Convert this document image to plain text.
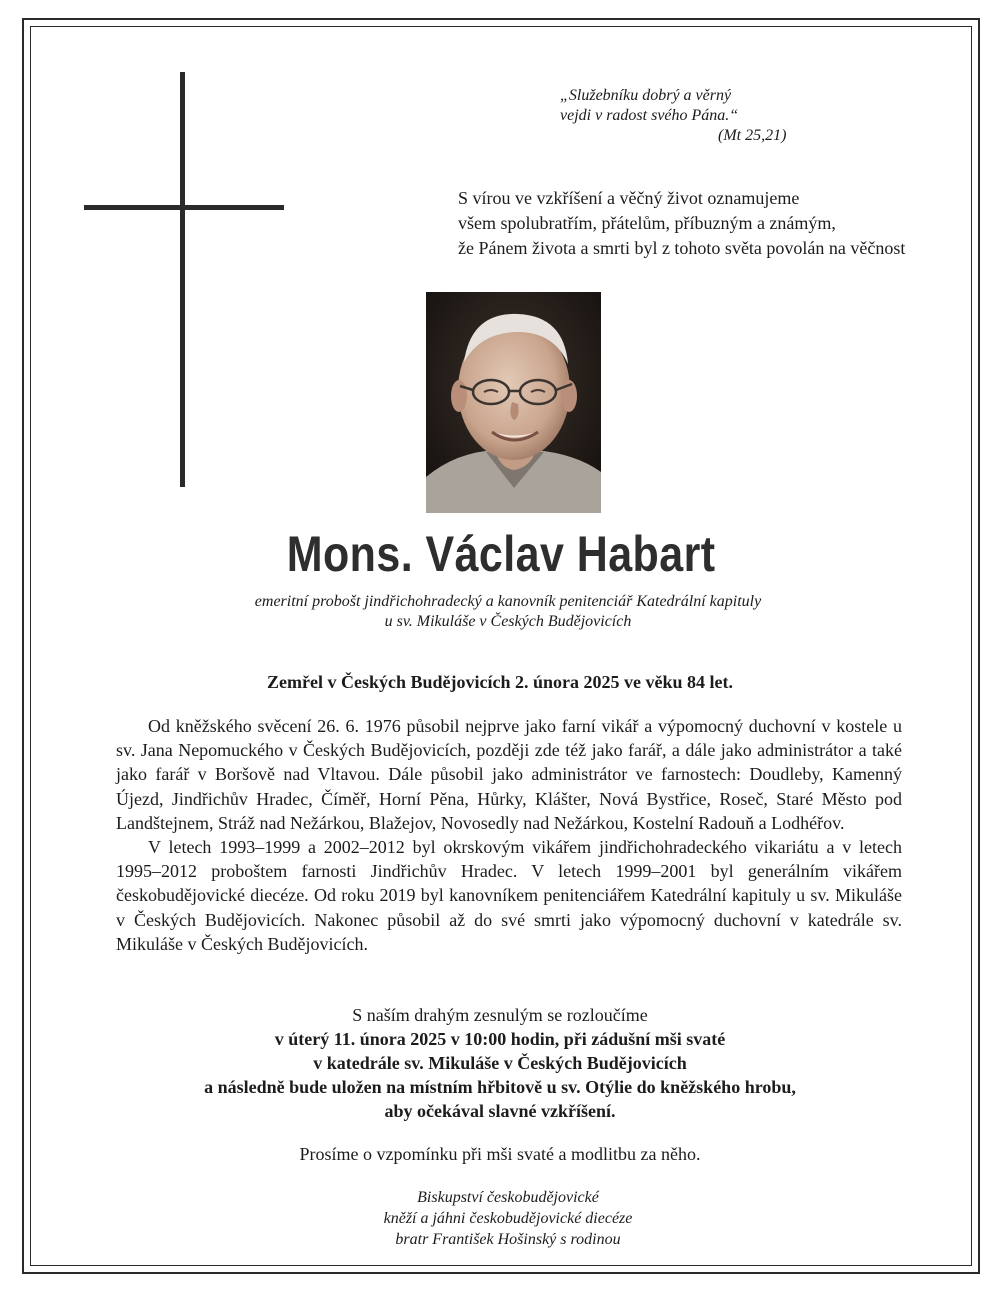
„Služebníku dobrý a věrný
vejdi v radost svého Pána.“
(Mt 25,21)
S vírou ve vzkříšení a věčný život oznamujeme
všem spolubratřím, přátelům, příbuzným a známým,
že Pánem života a smrti byl z tohoto světa povolán na věčnost
Mons. Václav Habart
emeritní probošt jindřichohradecký a kanovník penitenciář Katedrální kapituly
u sv. Mikuláše v Českých Budějovicích
Zemřel v Českých Budějovicích 2. února 2025 ve věku 84 let.

Od kněžského svěcení 26. 6. 1976 působil nejprve jako farní vikář a výpomocný duchovní v kostele u sv. Jana Nepomuckého v Českých Budějovicích, později zde též jako farář, a dále jako administrátor a také jako farář v Boršově nad Vltavou. Dále působil jako administrátor ve farnostech: Doudleby, Kamenný Újezd, Jindřichův Hradec, Číměř, Horní Pěna, Hůrky, Klášter, Nová Bystřice, Roseč, Staré Město pod Landštejnem, Stráž nad Nežárkou, Blažejov, Novosedly nad Nežárkou, Kostelní Radouň a Lodhéřov.

V letech 1993–1999 a 2002–2012 byl okrskovým vikářem jindřichohradeckého vikariátu a v letech 1995–2012 proboštem farnosti Jindřichův Hradec. V letech 1999–2001 byl generálním vikářem českobudějovické diecéze. Od roku 2019 byl kanovníkem penitenciářem Katedrální kapituly u sv. Mikuláše v Českých Budějovicích. Nakonec působil až do své smrti jako výpomocný duchovní v katedrále sv. Mikuláše v Českých Budějovicích.

S naším drahým zesnulým se rozloučíme
v úterý 11. února 2025 v 10:00 hodin, při zádušní mši svaté
v katedrále sv. Mikuláše v Českých Budějovicích
a následně bude uložen na místním hřbitově u sv. Otýlie do kněžského hrobu,
aby očekával slavné vzkříšení.
Prosíme o vzpomínku při mši svaté a modlitbu za něho.
Biskupství českobudějovické
kněží a jáhni českobudějovické diecéze
bratr František Hošinský s rodinou
